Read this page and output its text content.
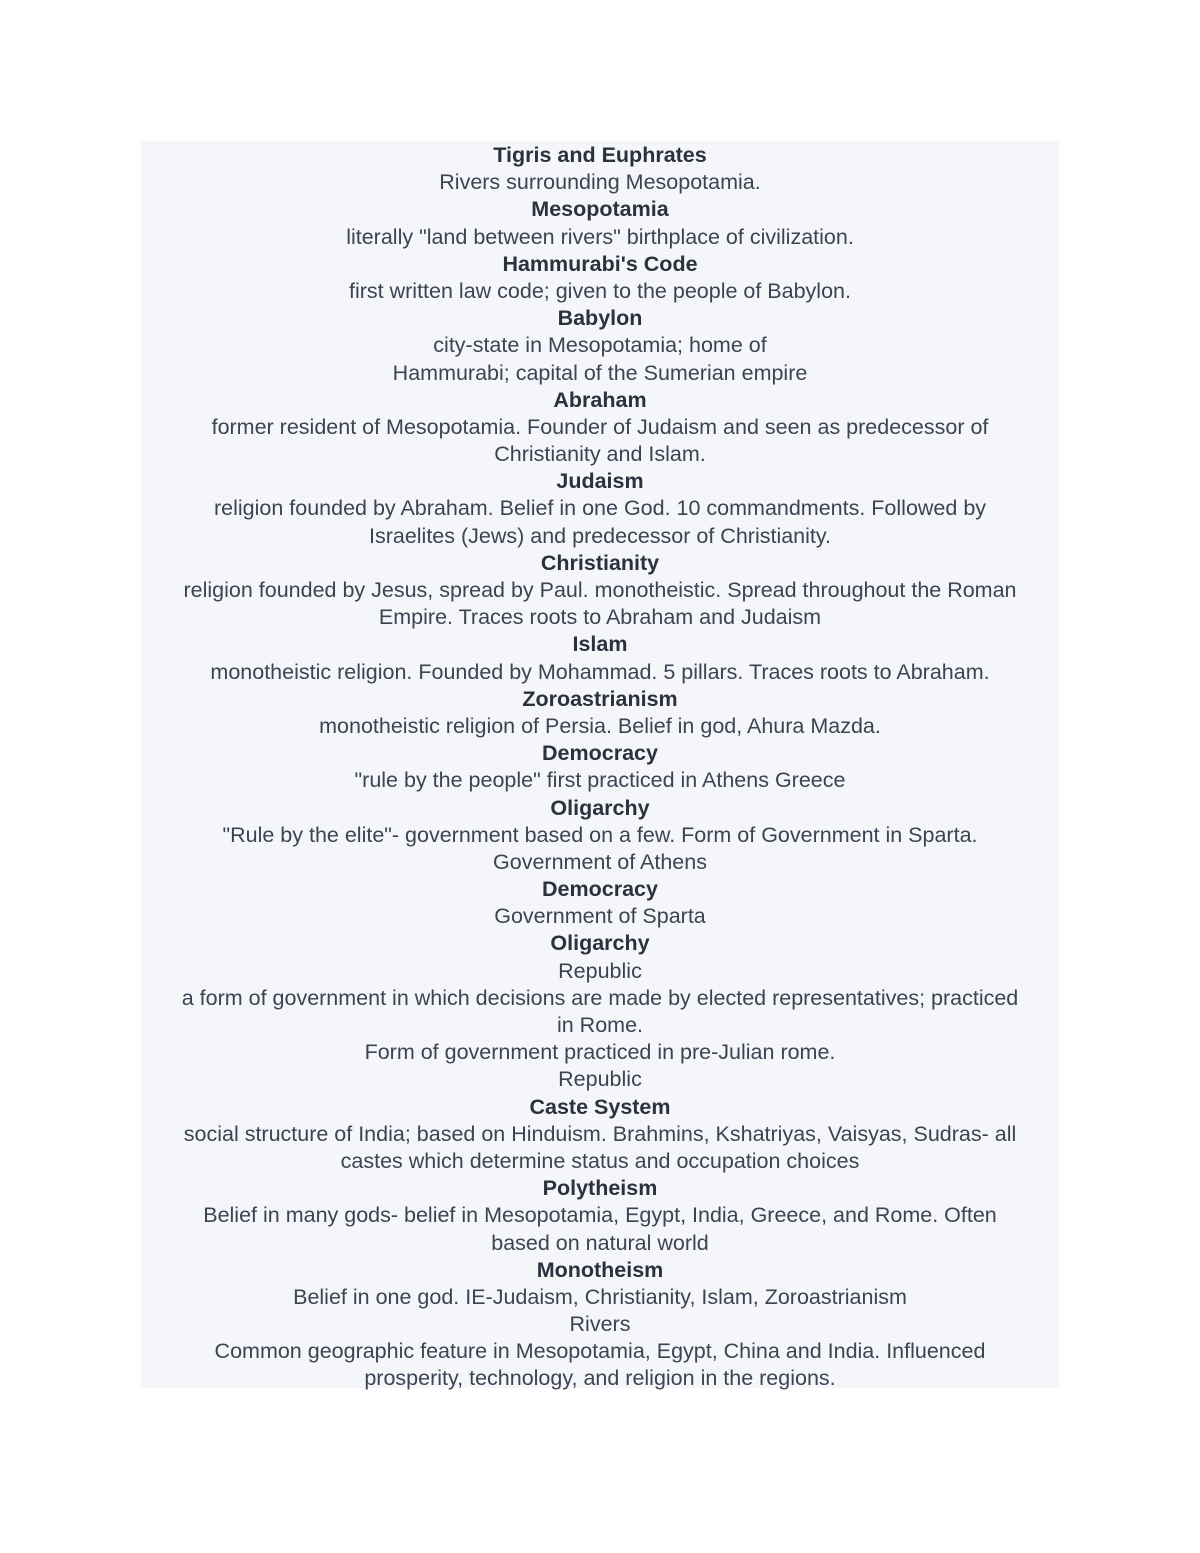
Tigris and Euphrates
Rivers surrounding Mesopotamia.
Mesopotamia
literally "land between rivers" birthplace of civilization.
Hammurabi's Code
first written law code; given to the people of Babylon.
Babylon
city-state in Mesopotamia; home of
Hammurabi; capital of the Sumerian empire
Abraham
former resident of Mesopotamia. Founder of Judaism and seen as predecessor of
Christianity and Islam.
Judaism
religion founded by Abraham. Belief in one God. 10 commandments. Followed by
Israelites (Jews) and predecessor of Christianity.
Christianity
religion founded by Jesus, spread by Paul. monotheistic. Spread throughout the Roman
Empire. Traces roots to Abraham and Judaism
Islam
monotheistic religion. Founded by Mohammad. 5 pillars. Traces roots to Abraham.
Zoroastrianism
monotheistic religion of Persia. Belief in god, Ahura Mazda.
Democracy
"rule by the people" first practiced in Athens Greece
Oligarchy
"Rule by the elite"- government based on a few. Form of Government in Sparta.
Government of Athens
Democracy
Government of Sparta
Oligarchy
Republic
a form of government in which decisions are made by elected representatives; practiced
in Rome.
Form of government practiced in pre-Julian rome.
Republic
Caste System
social structure of India; based on Hinduism. Brahmins, Kshatriyas, Vaisyas, Sudras- all
castes which determine status and occupation choices
Polytheism
Belief in many gods- belief in Mesopotamia, Egypt, India, Greece, and Rome. Often
based on natural world
Monotheism
Belief in one god. IE-Judaism, Christianity, Islam, Zoroastrianism
Rivers
Common geographic feature in Mesopotamia, Egypt, China and India. Influenced
prosperity, technology, and religion in the regions.
